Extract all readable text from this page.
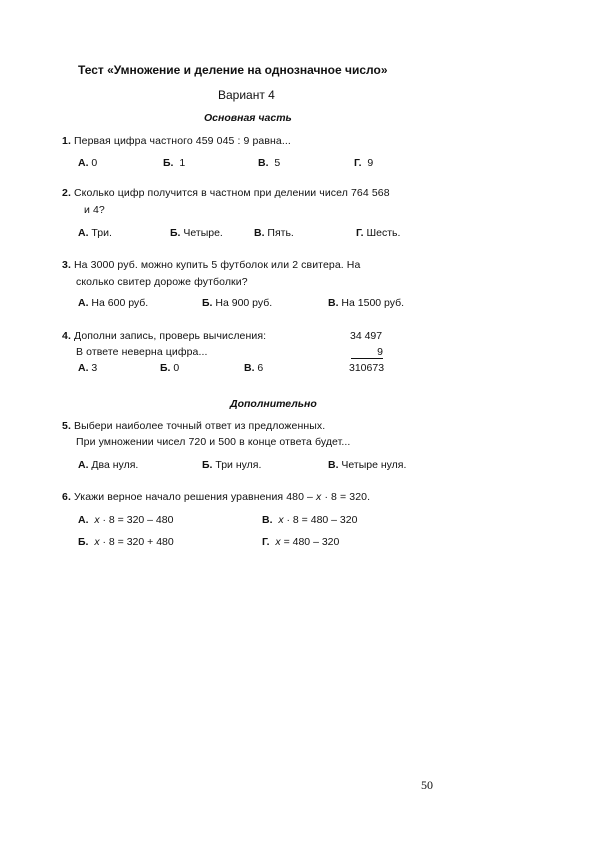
Тест «Умножение и деление на однозначное число»
Вариант 4
Основная часть
1. Первая цифра частного 459 045 : 9 равна...
А. 0	Б. 1	В. 5	Г. 9
2. Сколько цифр получится в частном при делении чисел 764 568
и 4?
А. Три.	Б. Четыре.	В. Пять.	Г. Шесть.
3. На 3000 руб. можно купить 5 футболок или 2 свитера. На
сколько свитер дороже футболки?
А. На 600 руб.	Б. На 900 руб.	В. На 1500 руб.
4. Дополни запись, проверь вычисления:
В ответе неверна цифра...
34 497
9
310673
А. 3	Б. 0	В. 6
Дополнительно
5. Выбери наиболее точный ответ из предложенных.
При умножении чисел 720 и 500 в конце ответа будет...
А. Два нуля.	Б. Три нуля.	В. Четыре нуля.
6. Укажи верное начало решения уравнения 480 – x · 8 = 320.
А. x · 8 = 320 – 480	В. x · 8 = 480 – 320
Б. x · 8 = 320 + 480	Г. x = 480 – 320
50
